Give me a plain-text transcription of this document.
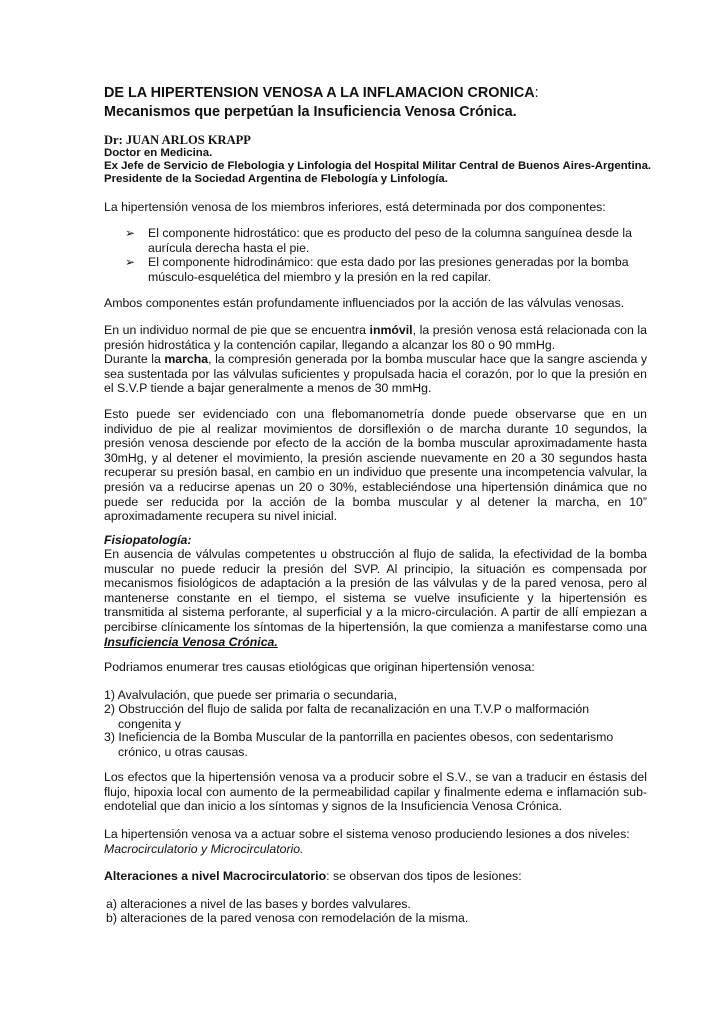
DE LA HIPERTENSION VENOSA A LA INFLAMACION CRONICA:
Mecanismos que perpetúan la Insuficiencia Venosa Crónica.
Dr: JUAN ARLOS KRAPP
Doctor en Medicina.
Ex Jefe de Servicio de Flebologia y Linfologia del Hospital Militar Central de Buenos Aires-Argentina.
Presidente de la Sociedad Argentina de Flebología y Linfología.
La hipertensión venosa de los miembros inferiores, está determinada por dos componentes:
➢ El componente hidrostático: que es producto del peso de la columna sanguínea desde la
aurícula derecha hasta el pie.
➢ El componente hidrodinámico: que esta dado por las presiones generadas por la bomba
músculo-esquelética del miembro y la presión en la red capilar.
Ambos componentes están profundamente influenciados por la acción de las válvulas venosas.
En un individuo normal de pie que se encuentra inmóvil, la presión venosa está relacionada con la presión hidrostática y la contención capilar, llegando a alcanzar los 80 o 90 mmHg.
Durante la marcha, la compresión generada por la bomba muscular hace que la sangre ascienda y sea sustentada por las válvulas suficientes y propulsada hacia el corazón, por lo que la presión en el S.V.P tiende a bajar generalmente a menos de 30 mmHg.
Esto puede ser evidenciado con una flebomanometría donde puede observarse que en un individuo de pie al realizar movimientos de dorsiflexión o de marcha durante 10 segundos, la presión venosa desciende por efecto de la acción de la bomba muscular aproximadamente hasta 30mHg, y al detener el movimiento, la presión asciende nuevamente en 20 a 30 segundos hasta recuperar su presión basal, en cambio en un individuo que presente una incompetencia valvular, la presión va a reducirse apenas un 20 o 30%, estableciéndose una hipertensión dinámica que no puede ser reducida por la acción de la bomba muscular y al detener la marcha, en 10” aproximadamente recupera su nivel inicial.
Fisiopatología:
En ausencia de válvulas competentes u obstrucción al flujo de salida, la efectividad de la bomba muscular no puede reducir la presión del SVP. Al principio, la situación es compensada por mecanismos fisiológicos de adaptación a la presión de las válvulas y de la pared venosa, pero al mantenerse constante en el tiempo, el sistema se vuelve insuficiente y la hipertensión es transmitida al sistema perforante, al superficial y a la micro-circulación. A partir de allí empiezan a percibirse clínicamente los síntomas de la hipertensión, la que comienza a manifestarse como una Insuficiencia Venosa Crónica.
Podriamos enumerar tres causas etiológicas que originan hipertensión venosa:
1) Avalvulación, que puede ser primaria o secundaria,
2) Obstrucción del flujo de salida por falta de recanalización en una T.V.P o malformación
congenita y
3) Ineficiencia de la Bomba Muscular de la pantorrilla en pacientes obesos, con sedentarismo
crónico, u otras causas.
Los efectos que la hipertensión venosa va a producir sobre el S.V., se van a traducir en éstasis del flujo, hipoxia local con aumento de la permeabilidad capilar y finalmente edema e inflamación sub-endotelial que dan inicio a los síntomas y signos de la Insuficiencia Venosa Crónica.
La hipertensión venosa va a actuar sobre el sistema venoso produciendo lesiones a dos niveles:
Macrocirculatorio y Microcirculatorio.
Alteraciones a nivel Macrocirculatorio: se observan dos tipos de lesiones:
a) alteraciones a nivel de las bases y bordes valvulares.
b) alteraciones de la pared venosa con remodelación de la misma.
